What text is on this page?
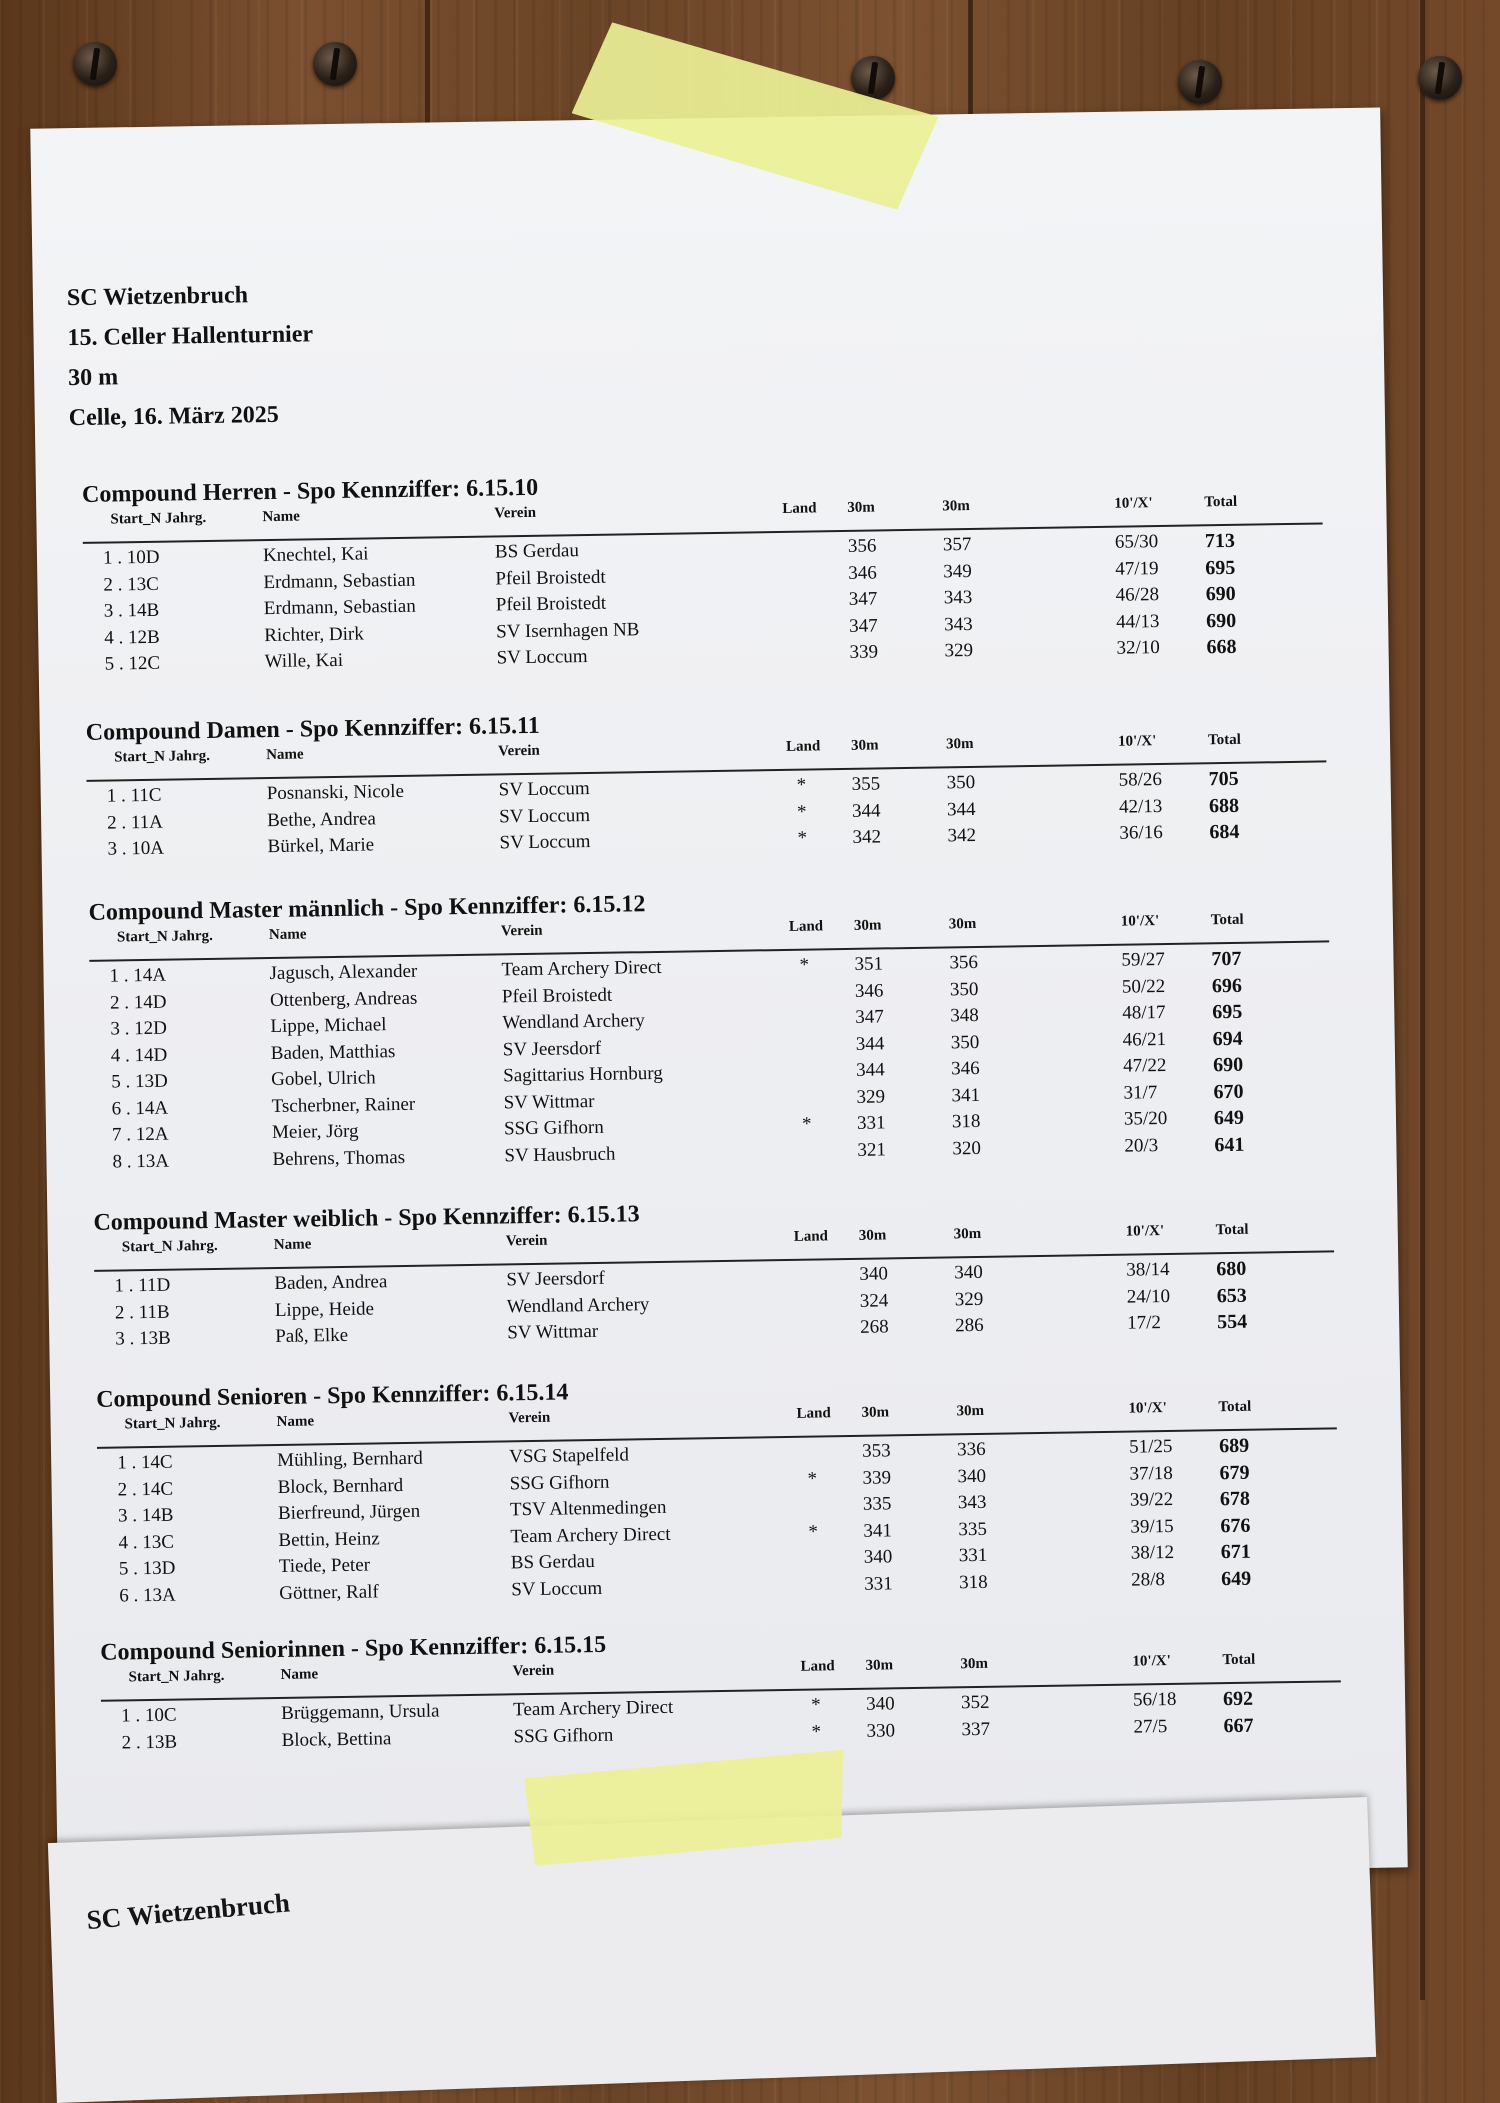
SC Wietzenbruch
15. Celler Hallenturnier
30 m
Celle, 16. März 2025
Compound Herren - Spo Kennziffer: 6.15.10
Start_N Jahrg.	Name	Verein	Land 30m	30m	10'/X'	Total
1 . 10D	Knechtel, Kai	BS Gerdau	356	357	65/30 713
2 . 13C	Erdmann, Sebastian	Pfeil Broistedt	346	349	47/19 695
3 . 14B	Erdmann, Sebastian	Pfeil Broistedt	347	343	46/28 690
4 . 12B	Richter, Dirk	SV Isernhagen NB	347	343	44/13 690
5 . 12C	Wille, Kai	SV Loccum	339	329	32/10 668
Compound Damen - Spo Kennziffer: 6.15.11
Start_N Jahrg.	Name	Verein	Land 30m	30m	10'/X'	Total
1 . 11C	Posnanski, Nicole	SV Loccum	* 355	350	58/26 705
2 . 11A	Bethe, Andrea	SV Loccum	* 344	344	42/13 688
3 . 10A	Bürkel, Marie	SV Loccum	* 342	342	36/16 684
Compound Master männlich - Spo Kennziffer: 6.15.12
Start_N Jahrg.	Name	Verein	Land 30m	30m	10'/X'	Total
1 . 14A	Jagusch, Alexander	Team Archery Direct	* 351	356	59/27 707
2 . 14D	Ottenberg, Andreas	Pfeil Broistedt	346	350	50/22 696
3 . 12D	Lippe, Michael	Wendland Archery	347	348	48/17 695
4 . 14D	Baden, Matthias	SV Jeersdorf	344	350	46/21 694
5 . 13D	Gobel, Ulrich	Sagittarius Hornburg	344	346	47/22 690
6 . 14A	Tscherbner, Rainer	SV Wittmar	329	341	31/7	670
7 . 12A	Meier, Jörg	SSG Gifhorn	* 331	318	35/20 649
8 . 13A	Behrens, Thomas	SV Hausbruch	321	320	20/3	641
Compound Master weiblich - Spo Kennziffer: 6.15.13
Start_N Jahrg.	Name	Verein	Land 30m	30m	10'/X'	Total
1 . 11D	Baden, Andrea	SV Jeersdorf	340	340	38/14 680
2 . 11B	Lippe, Heide	Wendland Archery	324	329	24/10 653
3 . 13B	Paß, Elke	SV Wittmar	268	286	17/2	554
Compound Senioren - Spo Kennziffer: 6.15.14
Start_N Jahrg.	Name	Verein	Land 30m	30m	10'/X'	Total
1 . 14C	Mühling, Bernhard	VSG Stapelfeld	353	336	51/25 689
2 . 14C	Block, Bernhard	SSG Gifhorn	* 339	340	37/18 679
3 . 14B	Bierfreund, Jürgen	TSV Altenmedingen	335	343	39/22 678
4 . 13C	Bettin, Heinz	Team Archery Direct	* 341	335	39/15 676
5 . 13D	Tiede, Peter	BS Gerdau	340	331	38/12 671
6 . 13A	Göttner, Ralf	SV Loccum	331	318	28/8	649
Compound Seniorinnen - Spo Kennziffer: 6.15.15
Start_N Jahrg.	Name	Verein	Land 30m	30m	10'/X'	Total
1 . 10C	Brüggemann, Ursula	Team Archery Direct	* 340	352	56/18 692
2 . 13B	Block, Bettina	SSG Gifhorn	* 330	337	27/5	667
SC Wietzenbruch
